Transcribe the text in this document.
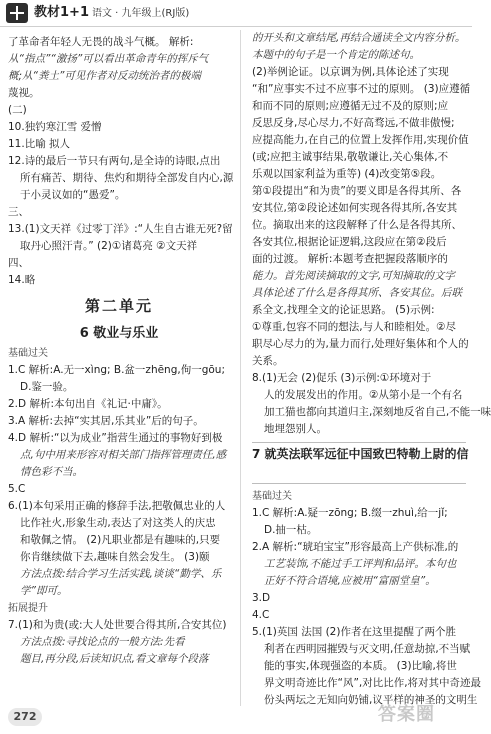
教材1+1 语文 · 九年级上(RJ版)
了革命者年轻人无畏的战斗气概。 解析:
从“指点”“激扬”可以看出革命青年的挥斥气
概;从“粪土”可见作者对反动统治者的极端
蔑视。
(二)
10.独钓寒江雪 爱憎
11.比喻 拟人
12.诗的最后一节只有两句,是全诗的诗眼,点出
所有痛苦、期待、焦灼和期待全部发自内心,源
于小灵议如的“愚爱”。
三、
13.(1)文天祥《过零丁洋》:“人生自古谁无死?留
取丹心照汗青。” (2)①诸葛亮 ②文天祥
四、
14.略
第二单元
6 敬业与乐业
基础过关
1.C 解析:A.无一xìng; B.盆一zhēng,佝一gōu;
D.鉴一验。
2.D 解析:本句出自《礼记·中庸》。
3.A 解析:去掉“实其居,乐其业”后的句子。
4.D 解析:“以为成业”指营生通过的事物好到极
点,句中用来形容对相关部门指挥管理责任,感
情色彩不当。
5.C
6.(1)本句采用正确的修辞手法,把敬佩忠业的人
比作社火,形象生动,表达了对这类人的庆忠
和敬佩之情。 (2)凡职业都是有趣味的,只要
你肯继续做下去,趣味自然会发生。 (3)颐
方法点拨:结合学习生活实践,谈谈“勤学、乐
学”即可。
拓展提升
7.(1)和为贵(或:大人处世要合得其所,合安其位)
方法点拨:寻找论点的一般方法:先看
题目,再分段,后读知识点,看文章每个段落
的开头和文章结尾,再结合通读全文内容分析。
本题中的句子是一个肯定的陈述句。
(2)举例论证。以京调为例,具体论述了实现
“和”应事实不过不应事不过的原则。 (3)应遵循
和而不同的原则;应遵循无过不及的原则;应
反思反身,尽心尽力,不好高骛远,不做非傲慢;
应提高能力,在自己的位置上发挥作用,实现价值
(或;应把主诚事结果,敬敬谦让,关心集体,不
乐观以国家利益为重等) (4)改变第⑤段。
第①段提出“和为贵”的要义即是各得其所、各
安其位,第②段论述如何实现各得其所,各安其
位。摘取出来的这段解释了什么是各得其所、
各安其位,根据论证逻辑,这段应在第②段后
面的过渡。 解析:本题考查把握段落顺序的
能力。首先阅读摘取的文字,可知摘取的文字
具体论述了什么是各得其所、各安其位。后联
系全文,找理全文的论证思路。 (5)示例:
①尊重,包容不同的想法,与人和睦相处。②尽
职尽心尽力的为,量力而行,处理好集体和个人的
关系。
8.(1)无会 (2)促乐 (3)示例:①环境对于
人的发展发出的作用。②从第小是一个有名
加工猫也都向其道归主,深刻地反省自己,不能一味
地埋怨别人。
7 就英法联军远征中国致巴特勒上尉的信
基础过关
1.C 解析:A.疑一zōng; B.缀一zhuì,给一jǐ;
D.抽一枯。
2.A 解析:“琥珀宝宝”形容最高上产供标准,的
工艺装饰,不能过手工评判和品评。本句也
正好不符合语境,应被用“富丽堂皇”。
3.D
4.C
5.(1)英国 法国 (2)作者在这里提醒了两个胜
利者在西明园摧毁与灭文明,任意劫掠,不当赋
能的事实,体现强盗的本质。 (3)比喻,将世
界文明奇迹比作“风”,对比比作,将对其中奇迹最
份头两坛之无知向奶铺,议平样的神圣的文明生
272	答案圈
